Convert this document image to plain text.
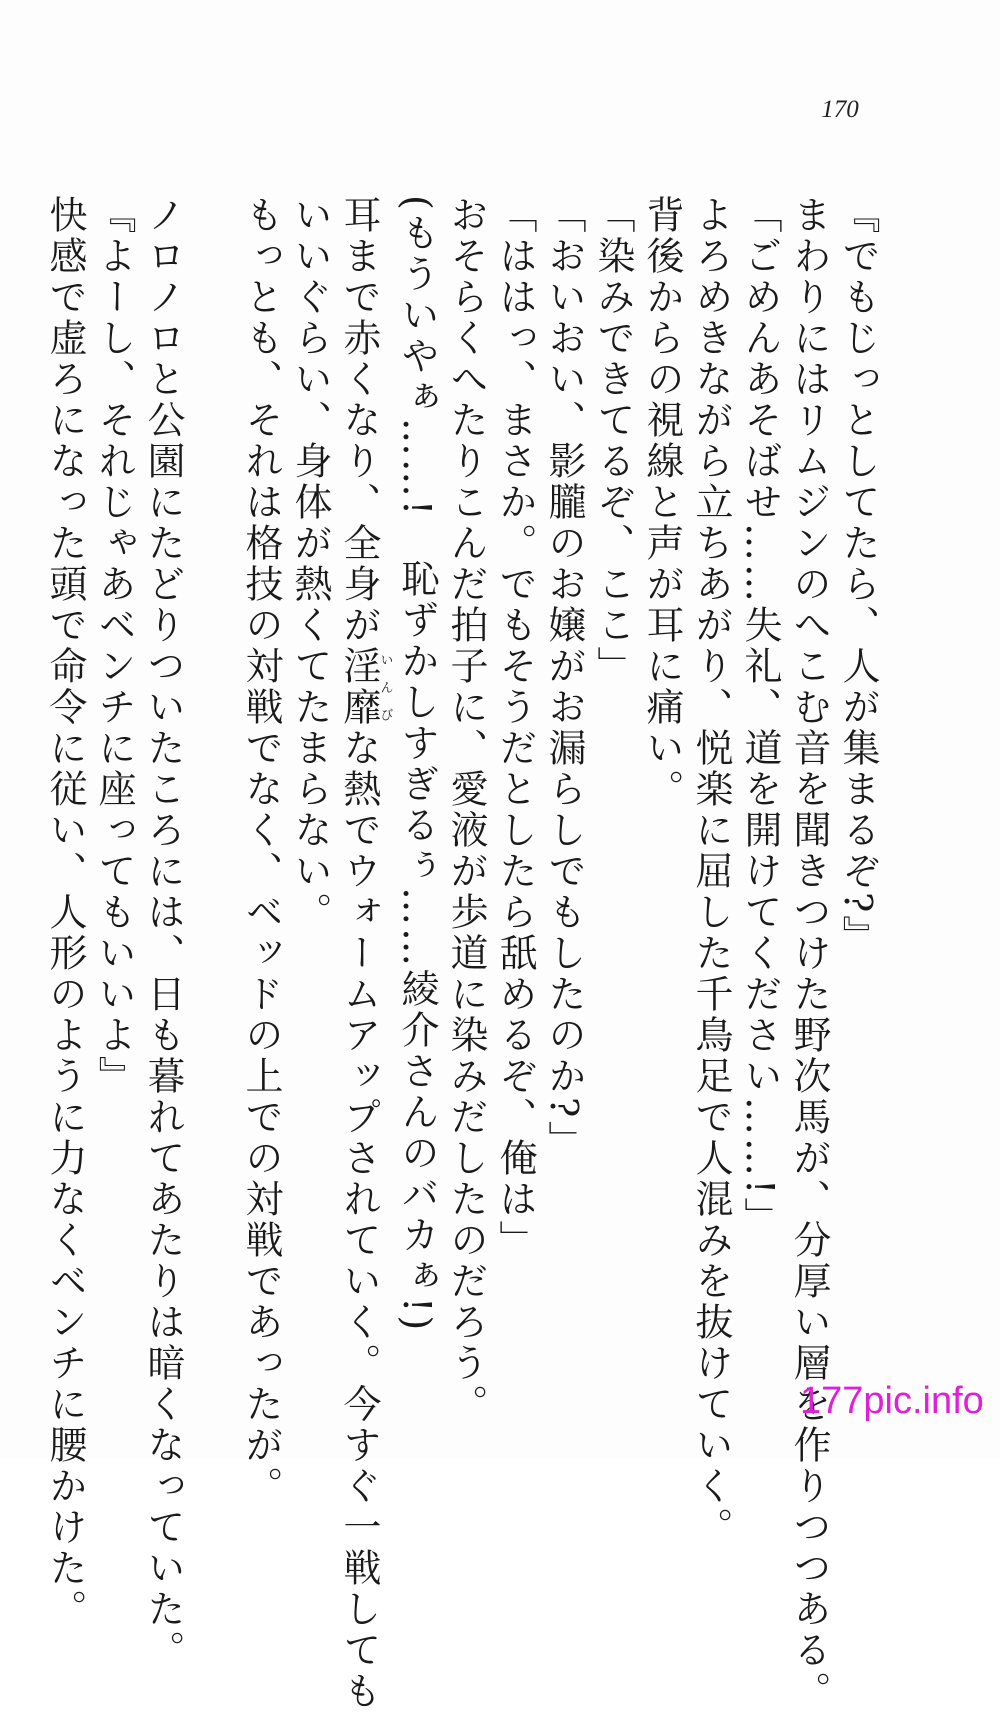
170
『でもじっとしてたら、人が集まるぞ?』
まわりにはリムジンのへこむ音を聞きつけた野次馬が、分厚い層を作りつつある。
「ごめんあそばせ……失礼、道を開けてください……!」
よろめきながら立ちあがり、悦楽に屈した千鳥足で人混みを抜けていく。
背後からの視線と声が耳に痛い。
「染みできてるぞ、ここ」
「おいおい、影朧のお嬢がお漏らしでもしたのか?」
「ははっ、まさか。でもそうだとしたら舐めるぞ、俺は」
おそらくへたりこんだ拍子に、愛液が歩道に染みだしたのだろう。
(もういやぁ……!　恥ずかしすぎるぅ……綾介さんのバカぁ!)
耳まで赤くなり、全身が淫靡いんびな熱でウォームアップされていく。今すぐ一戦しても
いいぐらい、身体が熱くてたまらない。
もっとも、それは格技の対戦でなく、ベッドの上での対戦であったが。
ノロノロと公園にたどりついたころには、日も暮れてあたりは暗くなっていた。
『よーし、それじゃあベンチに座ってもいいよ』
快感で虚ろになった頭で命令に従い、人形のように力なくベンチに腰かけた。	177pic.info
